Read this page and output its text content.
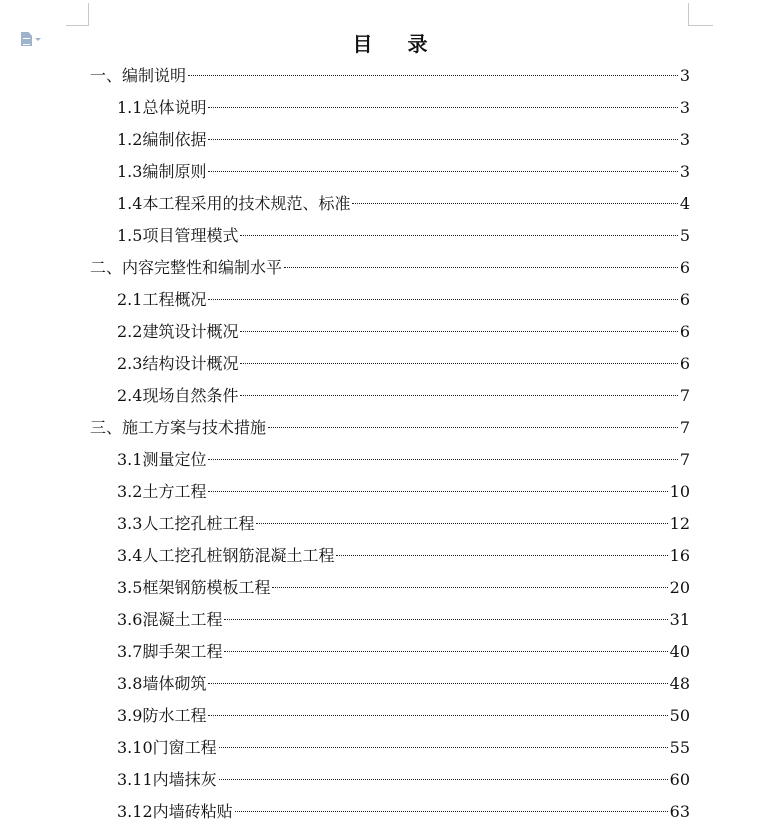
目 录
一、 编制说明	3
1.1 总体说明	3
1.2 编制依据	3
1.3 编制原则	3
1.4 本工程采用的技术规范、标准	4
1.5 项目管理模式	5
二、 内容完整性和编制水平	6
2.1 工程概况	6
2.2 建筑设计概况	6
2.3 结构设计概况	6
2.4 现场自然条件	7
三、 施工方案与技术措施	7
3.1 测量定位	7
3.2 土方工程	10
3.3 人工挖孔桩工程	12
3.4 人工挖孔桩钢筋混凝土工程	16
3.5 框架钢筋模板工程	20
3.6 混凝土工程	31
3.7 脚手架工程	40
3.8 墙体砌筑	48
3.9 防水工程	50
3.10 门窗工程	55
3.11 内墙抹灰	60
3.12 内墙砖粘贴	63
